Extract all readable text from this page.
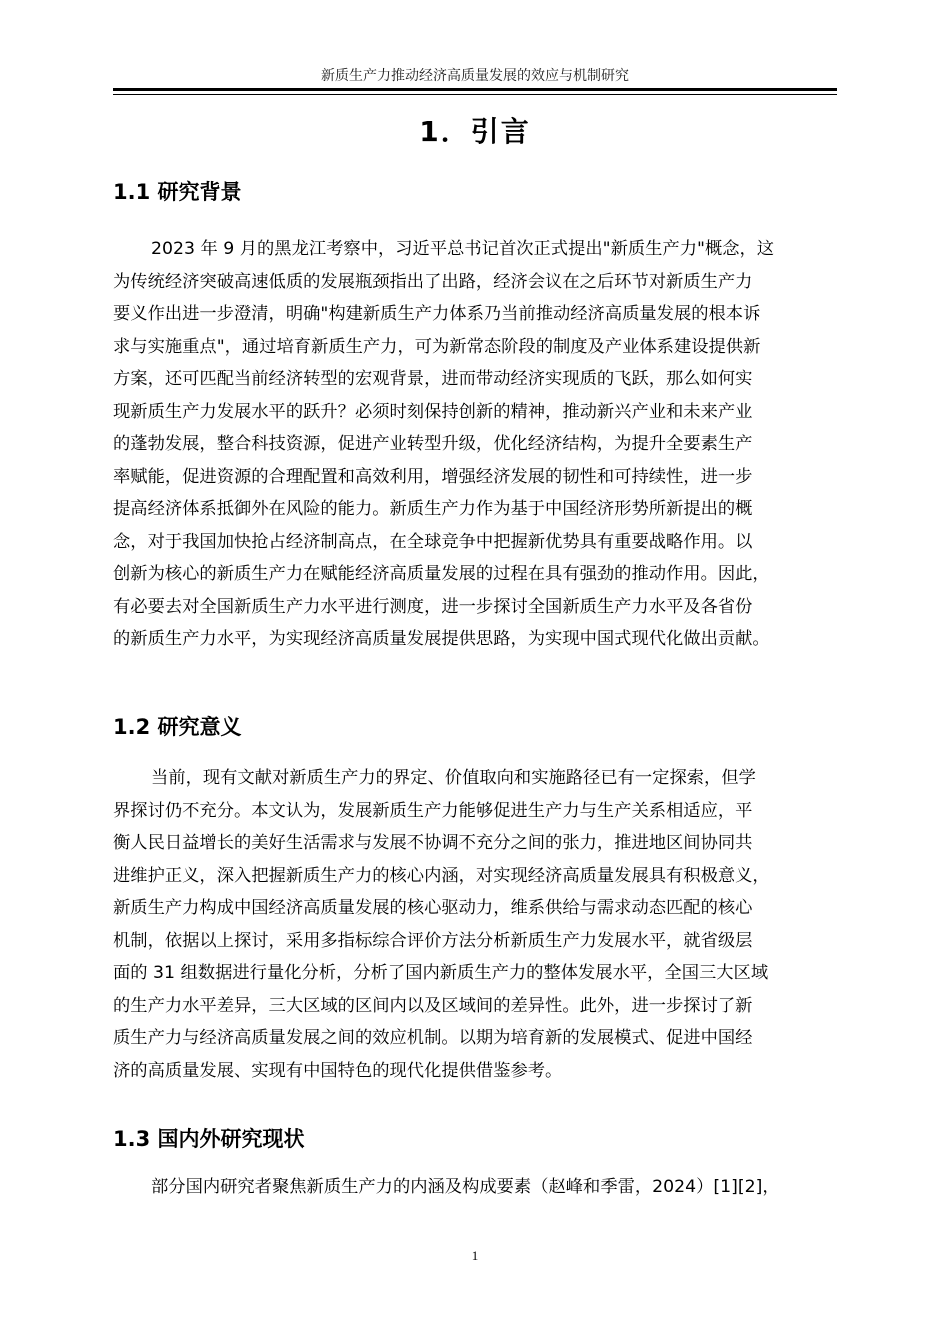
新质生产力推动经济高质量发展的效应与机制研究
1．引言
1.1 研究背景
2023 年 9 月的黑龙江考察中，习近平总书记首次正式提出"新质生产力"概念，这
为传统经济突破高速低质的发展瓶颈指出了出路，经济会议在之后环节对新质生产力
要义作出进一步澄清，明确"构建新质生产力体系乃当前推动经济高质量发展的根本诉
求与实施重点"，通过培育新质生产力，可为新常态阶段的制度及产业体系建设提供新
方案，还可匹配当前经济转型的宏观背景，进而带动经济实现质的飞跃，那么如何实
现新质生产力发展水平的跃升？必须时刻保持创新的精神，推动新兴产业和未来产业
的蓬勃发展，整合科技资源，促进产业转型升级，优化经济结构，为提升全要素生产
率赋能，促进资源的合理配置和高效利用，增强经济发展的韧性和可持续性，进一步
提高经济体系抵御外在风险的能力。新质生产力作为基于中国经济形势所新提出的概
念，对于我国加快抢占经济制高点，在全球竞争中把握新优势具有重要战略作用。以
创新为核心的新质生产力在赋能经济高质量发展的过程在具有强劲的推动作用。因此，
有必要去对全国新质生产力水平进行测度，进一步探讨全国新质生产力水平及各省份
的新质生产力水平，为实现经济高质量发展提供思路，为实现中国式现代化做出贡献。
1.2 研究意义
当前，现有文献对新质生产力的界定、价值取向和实施路径已有一定探索，但学
界探讨仍不充分。本文认为，发展新质生产力能够促进生产力与生产关系相适应，平
衡人民日益增长的美好生活需求与发展不协调不充分之间的张力，推进地区间协同共
进维护正义，深入把握新质生产力的核心内涵，对实现经济高质量发展具有积极意义，
新质生产力构成中国经济高质量发展的核心驱动力，维系供给与需求动态匹配的核心
机制，依据以上探讨，采用多指标综合评价方法分析新质生产力发展水平，就省级层
面的 31 组数据进行量化分析，分析了国内新质生产力的整体发展水平，全国三大区域
的生产力水平差异，三大区域的区间内以及区域间的差异性。此外，进一步探讨了新
质生产力与经济高质量发展之间的效应机制。以期为培育新的发展模式、促进中国经
济的高质量发展、实现有中国特色的现代化提供借鉴参考。
1.3 国内外研究现状
部分国内研究者聚焦新质生产力的内涵及构成要素（赵峰和季雷，2024）[1][2]，
1
